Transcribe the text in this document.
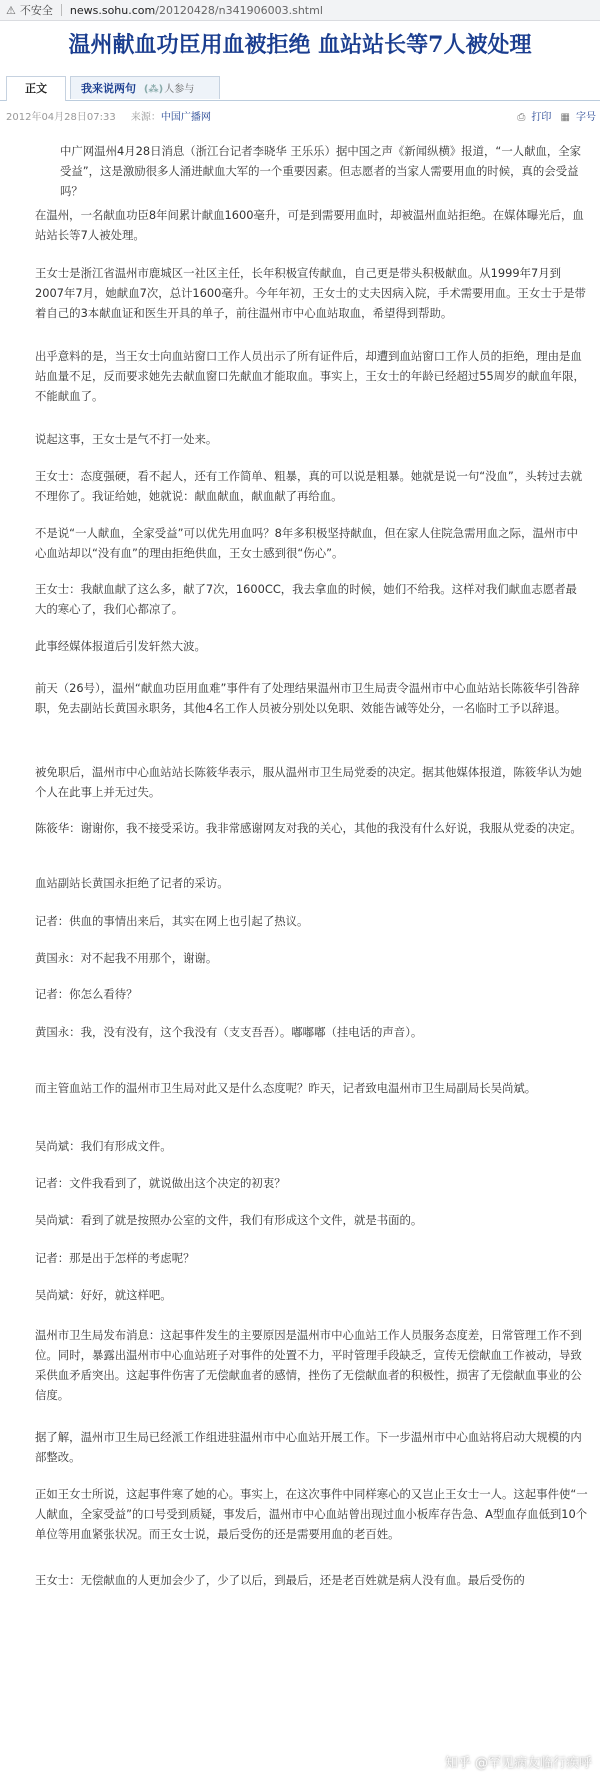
⚠ 不安全 news.sohu.com/20120428/n341906003.shtml
温州献血功臣用血被拒绝 血站站长等7人被处理
正文	我来说两句 (⁂)人参与
2012年04月28日07:33 来源：中国广播网	⎙ 打印 ▦ 字号
中广网温州4月28日消息（浙江台记者李晓华 王乐乐）据中国之声《新闻纵横》报道，“一人献血，全家受益”，这是激励很多人涌进献血大军的一个重要因素。但志愿者的当家人需要用血的时候，真的会受益吗？
在温州，一名献血功臣8年间累计献血1600毫升，可是到需要用血时，却被温州血站拒绝。在媒体曝光后，血站站长等7人被处理。
王女士是浙江省温州市鹿城区一社区主任，长年积极宣传献血，自己更是带头积极献血。从1999年7月到2007年7月，她献血7次，总计1600毫升。今年年初，王女士的丈夫因病入院，手术需要用血。王女士于是带着自己的3本献血证和医生开具的单子，前往温州市中心血站取血，希望得到帮助。
出乎意料的是，当王女士向血站窗口工作人员出示了所有证件后，却遭到血站窗口工作人员的拒绝，理由是血站血量不足，反而要求她先去献血窗口先献血才能取血。事实上，王女士的年龄已经超过55周岁的献血年限，不能献血了。
说起这事，王女士是气不打一处来。
王女士：态度强硬，看不起人，还有工作简单、粗暴，真的可以说是粗暴。她就是说一句“没血”，头转过去就不理你了。我证给她，她就说：献血献血，献血献了再给血。
不是说“一人献血，全家受益”可以优先用血吗？8年多积极坚持献血，但在家人住院急需用血之际，温州市中心血站却以“没有血”的理由拒绝供血，王女士感到很“伤心”。
王女士：我献血献了这么多，献了7次，1600CC，我去拿血的时候，她们不给我。这样对我们献血志愿者最大的寒心了，我们心都凉了。
此事经媒体报道后引发轩然大波。
前天（26号），温州“献血功臣用血难”事件有了处理结果温州市卫生局责令温州市中心血站站长陈筱华引咎辞职，免去副站长黄国永职务，其他4名工作人员被分别处以免职、效能告诫等处分，一名临时工予以辞退。
被免职后，温州市中心血站站长陈筱华表示，服从温州市卫生局党委的决定。据其他媒体报道，陈筱华认为她个人在此事上并无过失。
陈筱华：谢谢你，我不接受采访。我非常感谢网友对我的关心，其他的我没有什么好说，我服从党委的决定。
血站副站长黄国永拒绝了记者的采访。
记者：供血的事情出来后，其实在网上也引起了热议。
黄国永：对不起我不用那个，谢谢。
记者：你怎么看待？
黄国永：我，没有没有，这个我没有（支支吾吾）。嘟嘟嘟（挂电话的声音）。
而主管血站工作的温州市卫生局对此又是什么态度呢？昨天，记者致电温州市卫生局副局长吴尚斌。
吴尚斌：我们有形成文件。
记者：文件我看到了，就说做出这个决定的初衷？
吴尚斌：看到了就是按照办公室的文件，我们有形成这个文件，就是书面的。
记者：那是出于怎样的考虑呢？
吴尚斌：好好，就这样吧。
温州市卫生局发布消息：这起事件发生的主要原因是温州市中心血站工作人员服务态度差，日常管理工作不到位。同时，暴露出温州市中心血站班子对事件的处置不力，平时管理手段缺乏，宣传无偿献血工作被动，导致采供血矛盾突出。这起事件伤害了无偿献血者的感情，挫伤了无偿献血者的积极性，损害了无偿献血事业的公信度。
据了解，温州市卫生局已经派工作组进驻温州市中心血站开展工作。下一步温州市中心血站将启动大规模的内部整改。
正如王女士所说，这起事件寒了她的心。事实上，在这次事件中同样寒心的又岂止王女士一人。这起事件使“一人献血，全家受益”的口号受到质疑，事发后，温州市中心血站曾出现过血小板库存告急、A型血存血低到10个单位等用血紧张状况。而王女士说，最后受伤的还是需要用血的老百姓。
王女士：无偿献血的人更加会少了，少了以后，到最后，还是老百姓就是病人没有血。最后受伤的
知乎 @罕见病友临行疾呼
